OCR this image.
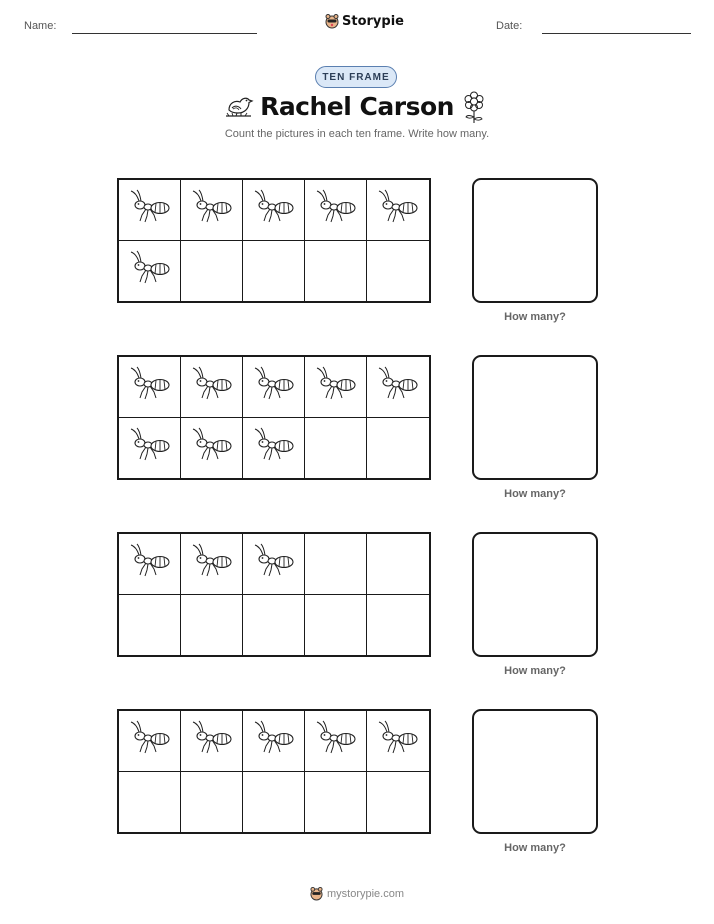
Name:	Storypie	Date:
TEN FRAME
Rachel Carson
Count the pictures in each ten frame. Write how many.
How many?
How many?
How many?
How many?
mystorypie.com
